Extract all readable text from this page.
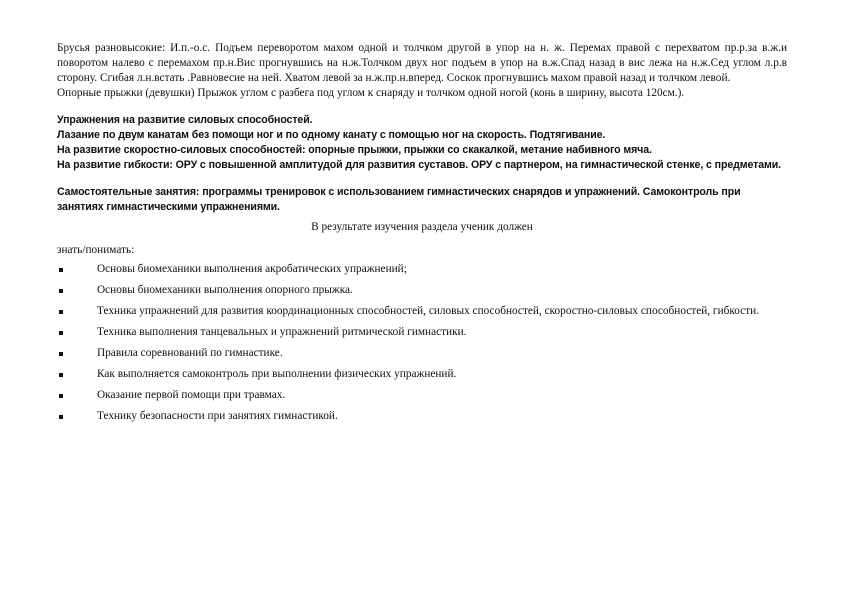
Брусья разновысокие: И.п.-о.с. Подъем переворотом махом одной и толчком другой в упор на н. ж. Перемах правой с перехватом пр.р.за в.ж.и поворотом налево с перемахом пр.н.Вис прогнувшись на н.ж.Толчком двух ног подъем в упор на в.ж.Спад назад в вис лежа на н.ж.Сед углом л.р.в сторону. Сгибая л.н.встать .Равновесие на ней. Хватом левой за н.ж.пр.н.вперед. Соскок прогнувшись махом правой назад и толчком левой.

Опорные прыжки (девушки) Прыжок углом с разбега под углом к снаряду и толчком одной ногой (конь в ширину, высота 120см.).

Упражнения на развитие силовых способностей.

Лазание по двум канатам без помощи ног и по одному канату с помощью ног на скорость. Подтягивание.

На развитие скоростно-силовых способностей: опорные прыжки, прыжки со скакалкой, метание набивного мяча.

На развитие гибкости: ОРУ с повышенной амплитудой для развития суставов. ОРУ с партнером, на гимнастической стенке, с предметами.

Самостоятельные занятия: программы тренировок с использованием гимнастических снарядов и упражнений. Самоконтроль при занятиях гимнастическими упражнениями.

В результате изучения раздела ученик должен

знать/понимать:

Основы биомеханики выполнения акробатических упражнений;
Основы биомеханики выполнения опорного прыжка.
Техника упражнений для развития координационных способностей, силовых способностей, скоростно-силовых способностей, гибкости.
Техника выполнения танцевальных и упражнений ритмической гимнастики.
Правила соревнований по гимнастике.
Как выполняется самоконтроль при выполнении физических упражнений.
Оказание первой помощи при травмах.
Технику безопасности при занятиях гимнастикой.
